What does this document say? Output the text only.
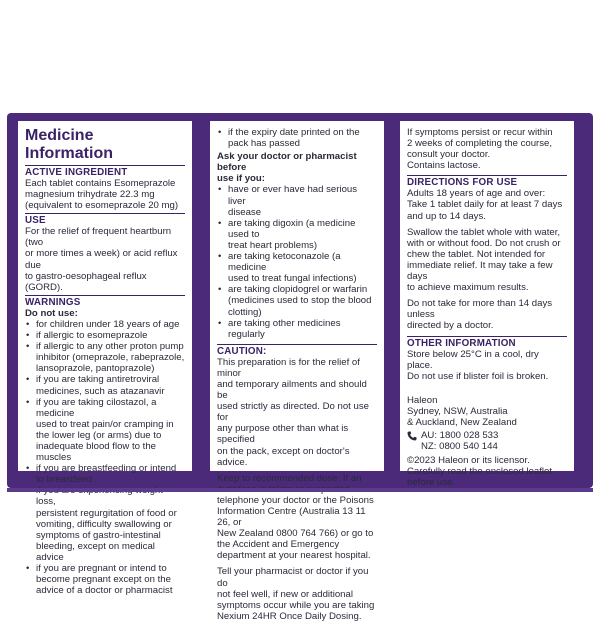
Medicine Information
ACTIVE INGREDIENT
Each tablet contains Esomeprazole
magnesium trihydrate 22.3 mg
(equivalent to esomeprazole 20 mg)
USE
For the relief of frequent heartburn (two
or more times a week) or acid reflux due
to gastro-oesophageal reflux (GORD).
WARNINGS
Do not use:
• for children under 18 years of age
• if allergic to esomeprazole
• if allergic to any other proton pump
inhibitor (omeprazole, rabeprazole,
lansoprazole, pantoprazole)
• if you are taking antiretroviral
medicines, such as atazanavir
• if you are taking cilostazol, a medicine
used to treat pain/or cramping in
the lower leg (or arms) due to
inadequate blood flow to the muscles
• if you are breastfeeding or intend
to breastfeed
• loss,
persistent regurgitation of food or
vomiting, difficulty swallowing or
symptoms of gastro-intestinal
bleeding, except on medical advice
• if you are pregnant or intend to
become pregnant except on the
advice of a doctor or pharmacist
• if the expiry date printed on the
pack has passed
Ask your doctor or pharmacist before
use if you:
• have or ever have had serious liver
disease
• are taking digoxin (a medicine used to
treat heart problems)
• are taking ketoconazole (a medicine
used to treat fungal infections)
• are taking clopidogrel or warfarin
(medicines used to stop the blood
clotting)
• are taking other medicines regularly
CAUTION:
This preparation is for the relief of minor
and temporary ailments and should be
used strictly as directed. Do not use for
any purpose other than what is specified
on the pack, except on doctor's advice.
Keep to recommended dose. If an
telephone your doctor or the Poisons
Information Centre (Australia 13 11 26, or
New Zealand 0800 764 766) or go to
the Accident and Emergency
department at your nearest hospital.
Tell your pharmacist or doctor if you do
not feel well, if new or additional
symptoms occur while you are taking
Nexium 24HR Once Daily Dosing.
If symptoms persist or recur within
2 weeks of completing the course,
consult your doctor.
Contains lactose.
DIRECTIONS FOR USE
Adults 18 years of age and over:
Take 1 tablet daily for at least 7 days
and up to 14 days.
Swallow the tablet whole with water,
with or without food. Do not crush or
chew the tablet. Not intended for
immediate relief. It may take a few days
to achieve maximum results.
Do not take for more than 14 days unless
directed by a doctor.
OTHER INFORMATION
Store below 25°C in a cool, dry place.
Do not use if blister foil is broken.
Haleon
Sydney, NSW, Australia
& Auckland, New Zealand
AU: 1800 028 533
NZ: 0800 540 144
©2023 Haleon or its licensor.
Carefully read the enclosed leaflet
before use.
